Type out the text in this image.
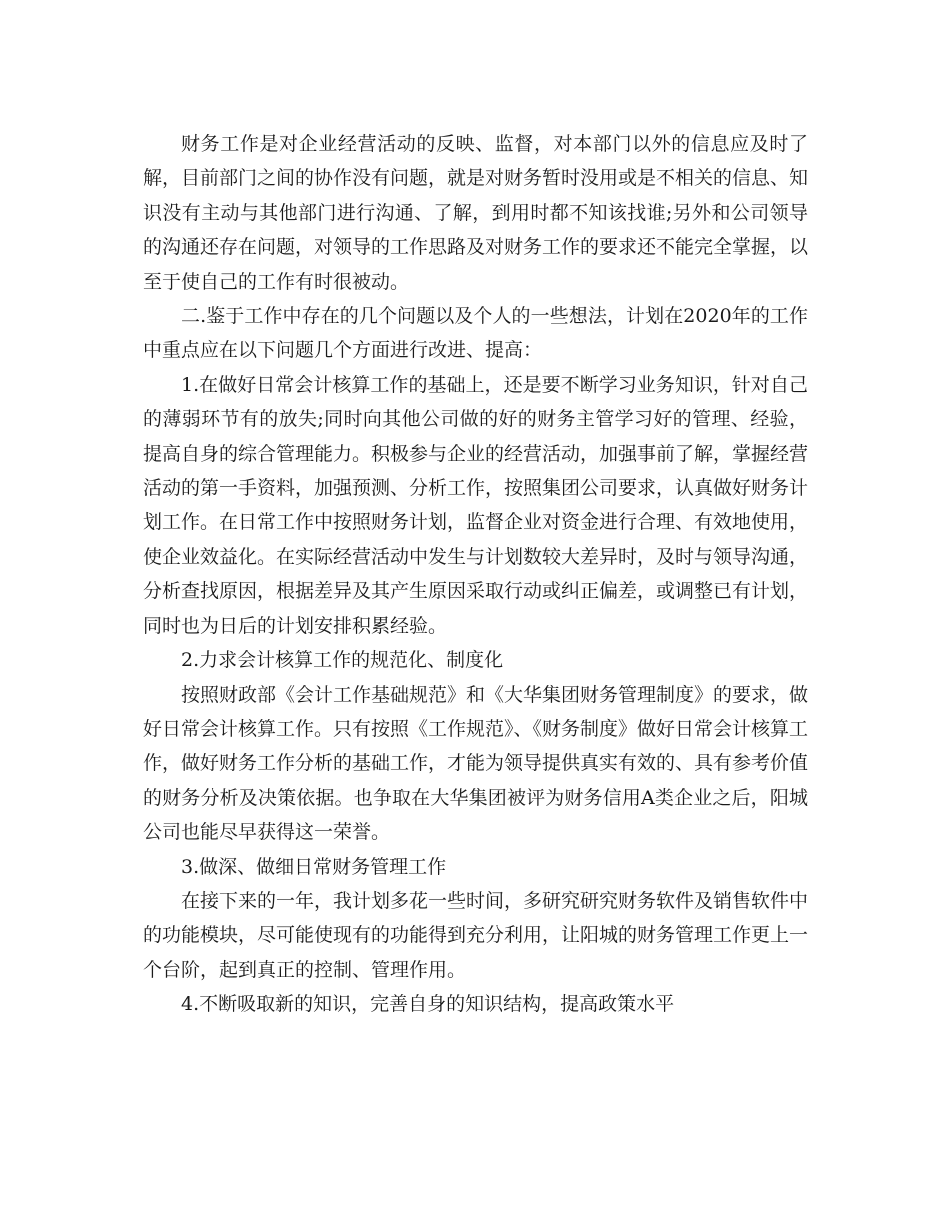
财务工作是对企业经营活动的反映、监督，对本部门以外的信息应及时了解，目前部门之间的协作没有问题，就是对财务暂时没用或是不相关的信息、知识没有主动与其他部门进行沟通、了解，到用时都不知该找谁;另外和公司领导的沟通还存在问题，对领导的工作思路及对财务工作的要求还不能完全掌握，以至于使自己的工作有时很被动。

二.鉴于工作中存在的几个问题以及个人的一些想法，计划在2020年的工作中重点应在以下问题几个方面进行改进、提高：

1.在做好日常会计核算工作的基础上，还是要不断学习业务知识，针对自己的薄弱环节有的放失;同时向其他公司做的好的财务主管学习好的管理、经验，提高自身的综合管理能力。积极参与企业的经营活动，加强事前了解，掌握经营活动的第一手资料，加强预测、分析工作，按照集团公司要求，认真做好财务计划工作。在日常工作中按照财务计划，监督企业对资金进行合理、有效地使用，使企业效益化。在实际经营活动中发生与计划数较大差异时，及时与领导沟通，分析查找原因，根据差异及其产生原因采取行动或纠正偏差，或调整已有计划，同时也为日后的计划安排积累经验。

2.力求会计核算工作的规范化、制度化

按照财政部《会计工作基础规范》和《大华集团财务管理制度》的要求，做好日常会计核算工作。只有按照《工作规范》、《财务制度》做好日常会计核算工作，做好财务工作分析的基础工作，才能为领导提供真实有效的、具有参考价值的财务分析及决策依据。也争取在大华集团被评为财务信用A类企业之后，阳城公司也能尽早获得这一荣誉。

3.做深、做细日常财务管理工作

在接下来的一年，我计划多花一些时间，多研究研究财务软件及销售软件中的功能模块，尽可能使现有的功能得到充分利用，让阳城的财务管理工作更上一个台阶，起到真正的控制、管理作用。

4.不断吸取新的知识，完善自身的知识结构，提高政策水平
